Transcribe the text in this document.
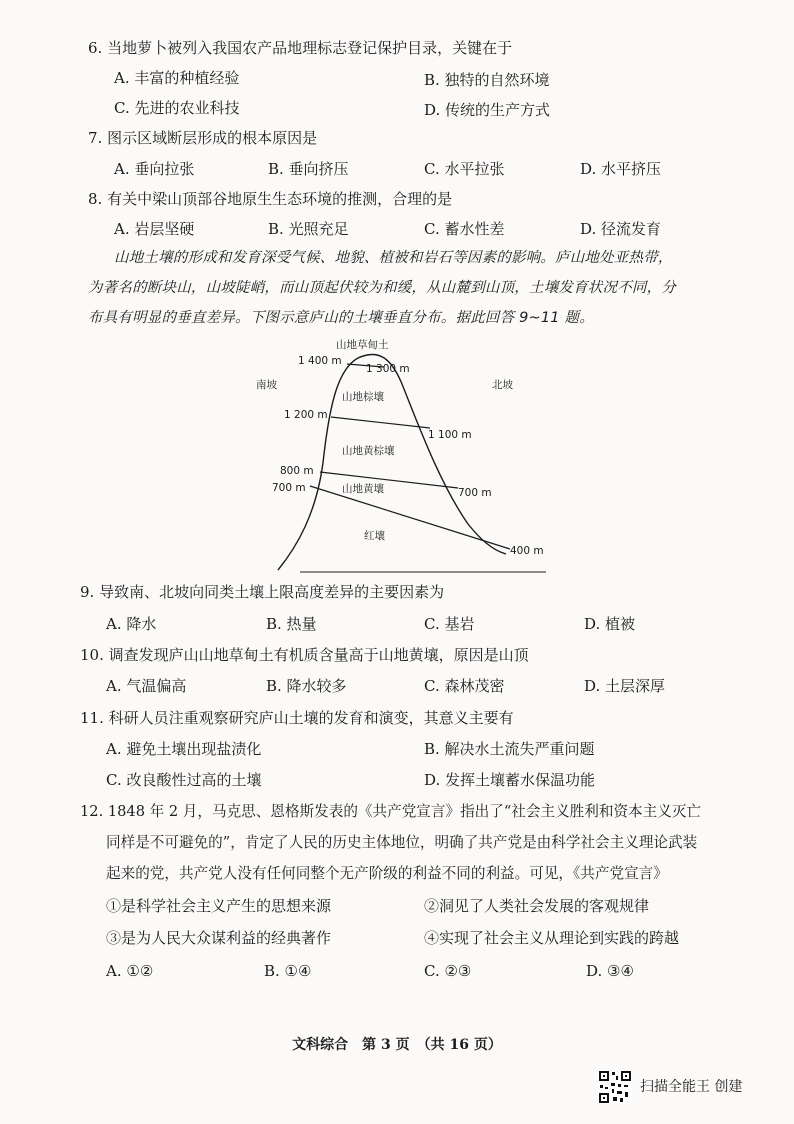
6. 当地萝卜被列入我国农产品地理标志登记保护目录，关键在于
A. 丰富的种植经验	B. 独特的自然环境
C. 先进的农业科技	D. 传统的生产方式
7. 图示区域断层形成的根本原因是
A. 垂向拉张	B. 垂向挤压	C. 水平拉张	D. 水平挤压
8. 有关中梁山顶部谷地原生生态环境的推测，合理的是
A. 岩层坚硬	B. 光照充足	C. 蓄水性差	D. 径流发育
山地土壤的形成和发育深受气候、地貌、植被和岩石等因素的影响。庐山地处亚热带，
为著名的断块山，山坡陡峭，而山顶起伏较为和缓，从山麓到山顶，土壤发育状况不同，分
布具有明显的垂直差异。下图示意庐山的土壤垂直分布。据此回答 9~11 题。
山地草甸土
山地棕壤
山地黄棕壤
山地黄壤
红壤
南坡	北坡
1 400 m
1 200 m
800 m
700 m
1 300 m
1 100 m
700 m
400 m
9. 导致南、北坡向同类土壤上限高度差异的主要因素为
A. 降水	B. 热量	C. 基岩	D. 植被
10. 调查发现庐山山地草甸土有机质含量高于山地黄壤，原因是山顶
A. 气温偏高	B. 降水较多	C. 森林茂密	D. 土层深厚
11. 科研人员注重观察研究庐山土壤的发育和演变，其意义主要有
A. 避免土壤出现盐渍化	B. 解决水土流失严重问题
C. 改良酸性过高的土壤	D. 发挥土壤蓄水保温功能
12. 1848 年 2 月，马克思、恩格斯发表的《共产党宣言》指出了“社会主义胜利和资本主义灭亡
同样是不可避免的”，肯定了人民的历史主体地位，明确了共产党是由科学社会主义理论武装
起来的党，共产党人没有任何同整个无产阶级的利益不同的利益。可见，《共产党宣言》
①是科学社会主义产生的思想来源	②洞见了人类社会发展的客观规律
③是为人民大众谋利益的经典著作	④实现了社会主义从理论到实践的跨越
A. ①②	B. ①④	C. ②③	D. ③④
文科综合　第 3 页　（共 16 页）
扫描全能王 创建
